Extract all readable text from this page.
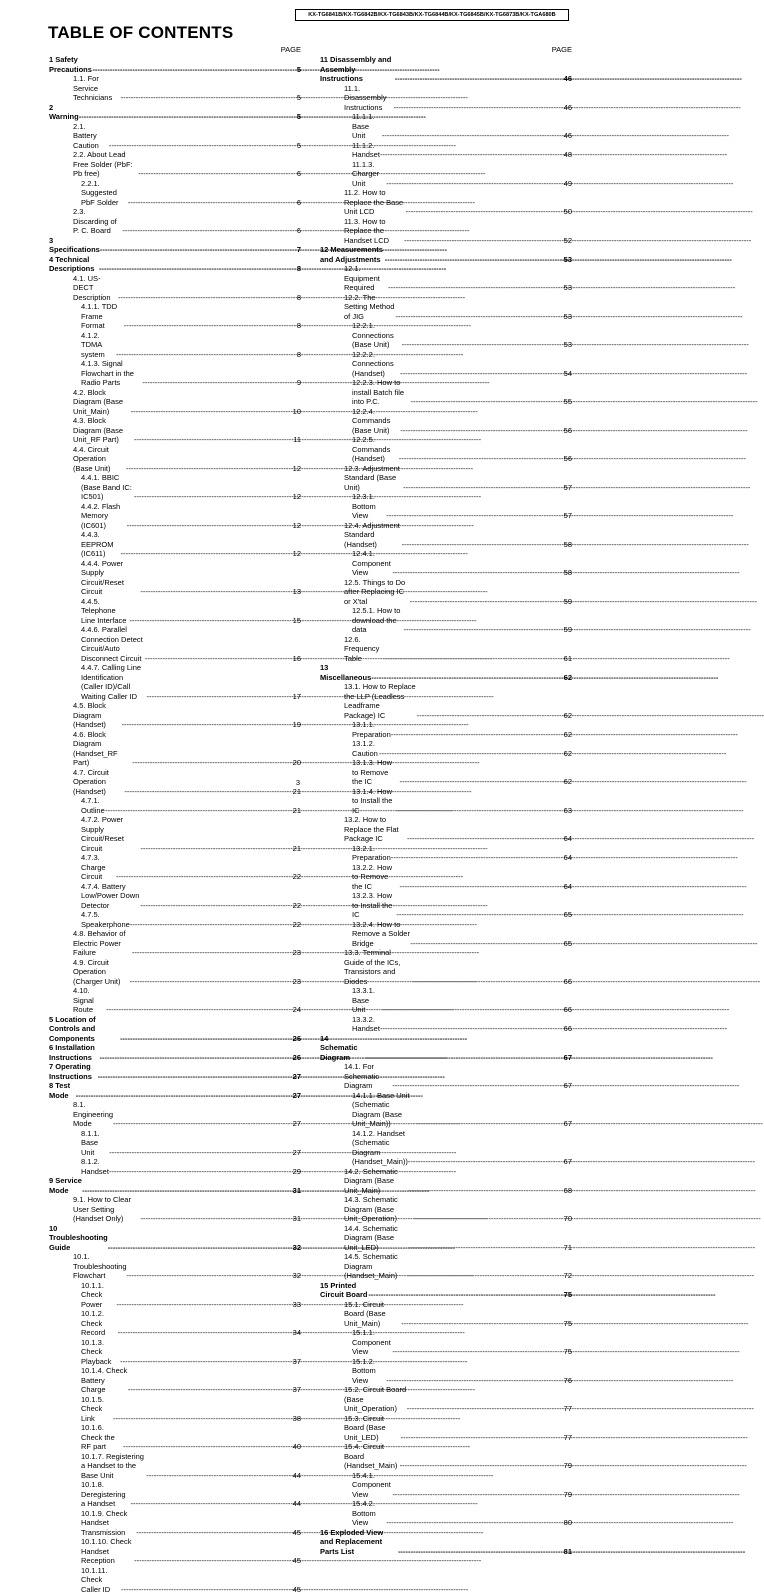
KX-TG6841B/KX-TG6842B/KX-TG6843B/KX-TG6844B/KX-TG6845B/KX-TG6873B/KX-TGA680B
TABLE OF CONTENTS
PAGE
1 Safety Precautions -----	5
1.1. For Service Technicians -----	5
2 Warning -----	5
2.1. Battery Caution -----	5
2.2. About Lead Free Solder (PbF: Pb free) -----	6
2.2.1. Suggested PbF Solder -----	6
2.3. Discarding of P. C. Board -----	6
3 Specifications -----	7
4 Technical Descriptions -----	8
4.1. US-DECT Description -----	8
4.1.1. TDD Frame Format -----	8
4.1.2. TDMA system -----	8
4.1.3. Signal Flowchart in the Radio Parts -----	9
4.2. Block Diagram (Base Unit_Main) -----	10
4.3. Block Diagram (Base Unit_RF Part) -----	11
4.4. Circuit Operation (Base Unit) -----	12
4.4.1. BBIC (Base Band IC: IC501) -----	12
4.4.2. Flash Memory (IC601) -----	12
4.4.3. EEPROM (IC611) -----	12
4.4.4. Power Supply Circuit/Reset Circuit -----	13
4.4.5. Telephone Line Interface -----	15
4.4.6. Parallel Connection Detect Circuit/Auto
Disconnect Circuit -----	16
4.4.7. Calling Line Identification (Caller ID)/Call
Waiting Caller ID -----	17
4.5. Block Diagram (Handset) -----	19
4.6. Block Diagram (Handset_RF Part) -----	20
4.7. Circuit Operation (Handset) -----	21
4.7.1. Outline -----	21
4.7.2. Power Supply Circuit/Reset Circuit -----	21
4.7.3. Charge Circuit -----	22
4.7.4. Battery Low/Power Down Detector -----	22
4.7.5. Speakerphone -----	22
4.8. Behavior of Electric Power Failure -----	23
4.9. Circuit Operation (Charger Unit) -----	23
4.10. Signal Route -----	24
5 Location of Controls and Components -----	26
6 Installation Instructions -----	26
7 Operating Instructions -----	27
8 Test Mode -----	27
8.1. Engineering Mode -----	27
8.1.1. Base Unit -----	27
8.1.2. Handset -----	29
9 Service Mode -----	31
9.1. How to Clear User Setting (Handset Only) -----	31
10 Troubleshooting Guide -----	32
10.1. Troubleshooting Flowchart -----	32
10.1.1. Check Power -----	33
10.1.2. Check Record -----	34
10.1.3. Check Playback -----	37
10.1.4. Check Battery Charge -----	37
10.1.5. Check Link -----	38
10.1.6. Check the RF part -----	40
10.1.7. Registering a Handset to the Base Unit -----	44
10.1.8. Deregistering a Handset -----	44
10.1.9. Check Handset Transmission -----	45
10.1.10. Check Handset Reception -----	45
10.1.11. Check Caller ID -----	45
PAGE
11 Disassembly and Assembly Instructions -----	46
11.1. Disassembly Instructions -----	46
11.1.1. Base Unit -----	46
11.1.2. Handset -----	48
11.1.3. Charger Unit -----	49
11.2. How to Replace the Base Unit LCD -----	50
11.3. How to Replace the Handset LCD -----	52
12 Measurements and Adjustments -----	53
12.1. Equipment Required -----	53
12.2. The Setting Method of JIG -----	53
12.2.1. Connections (Base Unit) -----	53
12.2.2. Connections (Handset) -----	54
12.2.3. How to install Batch file into P.C. -----	55
12.2.4. Commands (Base Unit) -----	56
12.2.5. Commands (Handset) -----	56
12.3. Adjustment Standard (Base Unit) -----	57
12.3.1. Bottom View -----	57
12.4. Adjustment Standard (Handset) -----	58
12.4.1. Component View -----	58
12.5. Things to Do after Replacing IC or X'tal -----	59
12.5.1. How to download the data -----	59
12.6. Frequency Table -----	61
13 Miscellaneous -----	62
13.1. How to Replace the LLP (Leadless Leadframe
Package) IC -----	62
13.1.1. Preparation -----	62
13.1.2. Caution -----	62
13.1.3. How to Remove the IC -----	62
13.1.4. How to Install the IC -----	63
13.2. How to Replace the Flat Package IC -----	64
13.2.1. Preparation -----	64
13.2.2. How to Remove the IC -----	64
13.2.3. How to Install the IC -----	65
13.2.4. How to Remove a Solder Bridge -----	65
13.3. Terminal Guide of the ICs, Transistors and
Diodes -----	66
13.3.1. Base Unit -----	66
13.3.2. Handset -----	66
14 Schematic Diagram -----	67
14.1. For Schematic Diagram -----	67
14.1.1. Base Unit (Schematic Diagram (Base
Unit_Main)) -----	67
14.1.2. Handset (Schematic Diagram
(Handset_Main)) -----	67
14.2. Schematic Diagram (Base Unit_Main) -----	68
14.3. Schematic Diagram (Base Unit_Operation) -----	70
14.4. Schematic Diagram (Base Unit_LED) -----	71
14.5. Schematic Diagram (Handset_Main) -----	72
15 Printed Circuit Board -----	75
15.1. Circuit Board (Base Unit_Main) -----	75
15.1.1. Component View -----	75
15.1.2. Bottom View -----	76
15.2. Circuit Board (Base Unit_Operation) -----	77
15.3. Circuit Board (Base Unit_LED) -----	77
15.4. Circuit Board (Handset_Main) -----	79
15.4.1. Component View -----	79
15.4.2. Bottom View -----	80
16 Exploded View and Replacement Parts List -----	81
3
